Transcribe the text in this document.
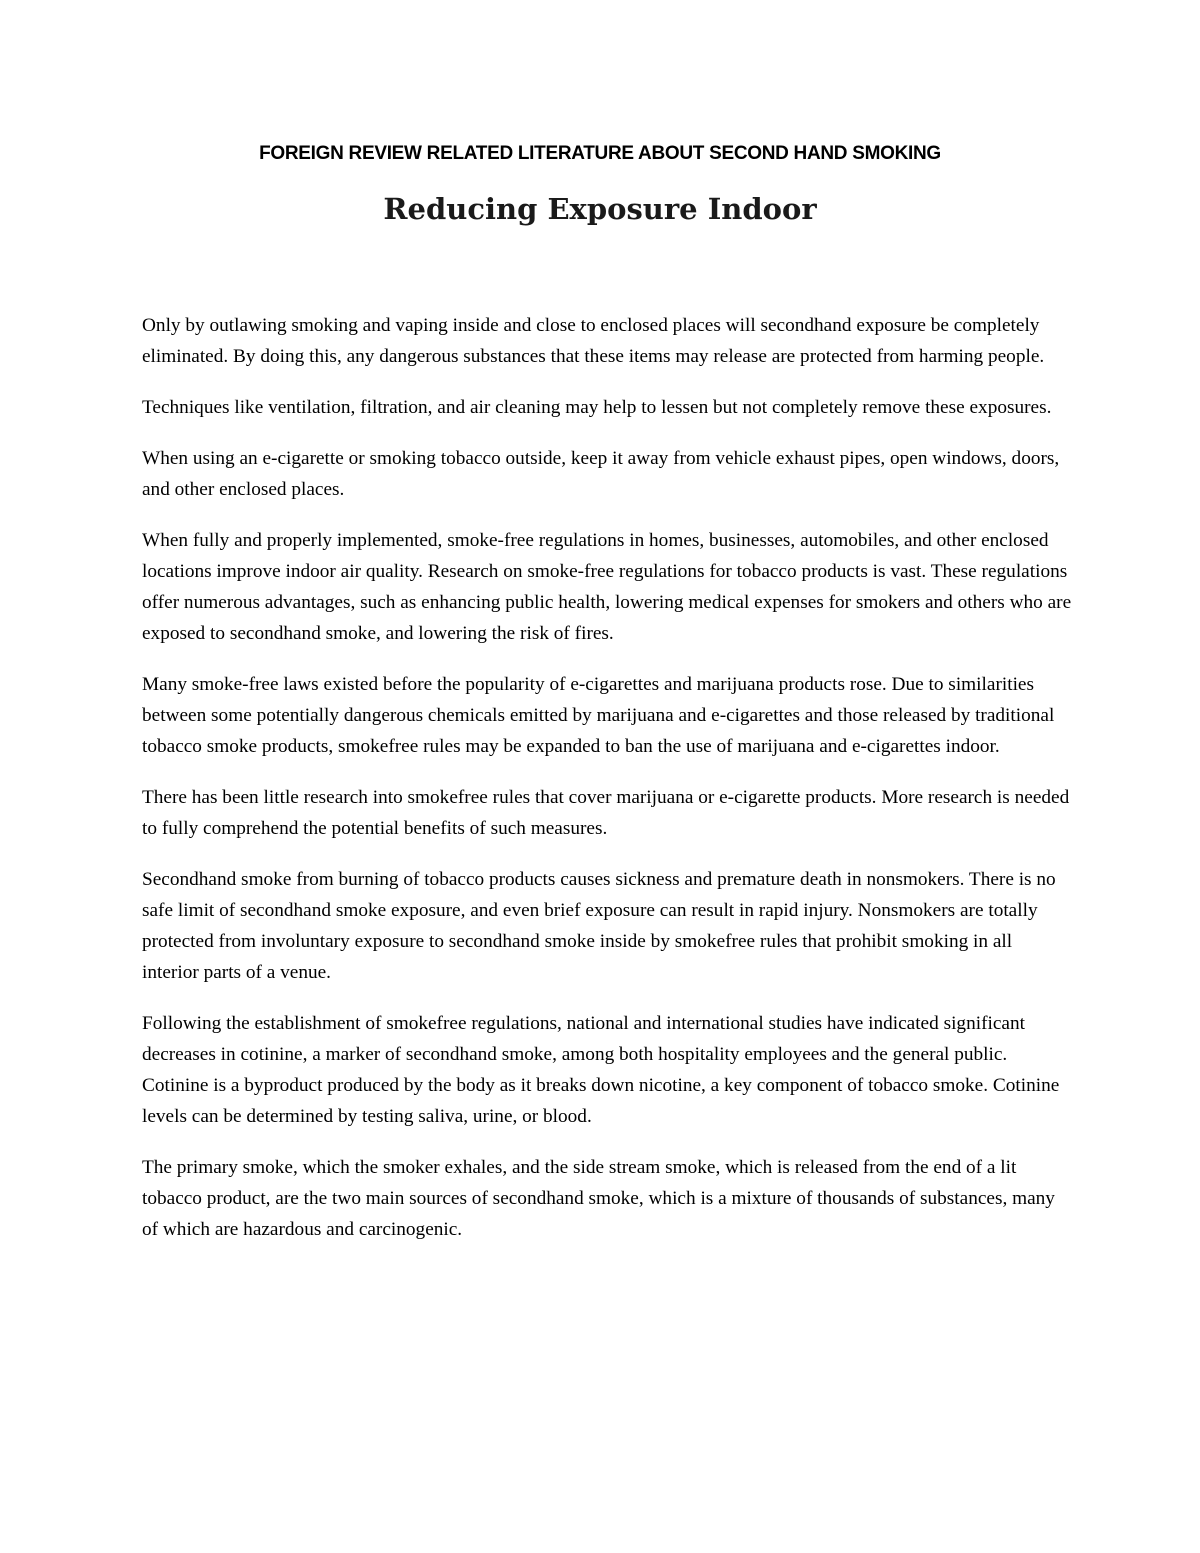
FOREIGN REVIEW RELATED LITERATURE ABOUT SECOND HAND SMOKING

Reducing Exposure Indoor

Only by outlawing smoking and vaping inside and close to enclosed places will secondhand exposure be completely eliminated. By doing this, any dangerous substances that these items may release are protected from harming people.

Techniques like ventilation, filtration, and air cleaning may help to lessen but not completely remove these exposures.

When using an e-cigarette or smoking tobacco outside, keep it away from vehicle exhaust pipes, open windows, doors, and other enclosed places.

When fully and properly implemented, smoke-free regulations in homes, businesses, automobiles, and other enclosed locations improve indoor air quality. Research on smoke-free regulations for tobacco products is vast. These regulations offer numerous advantages, such as enhancing public health, lowering medical expenses for smokers and others who are exposed to secondhand smoke, and lowering the risk of fires.

Many smoke-free laws existed before the popularity of e-cigarettes and marijuana products rose. Due to similarities between some potentially dangerous chemicals emitted by marijuana and e-cigarettes and those released by traditional tobacco smoke products, smokefree rules may be expanded to ban the use of marijuana and e-cigarettes indoor.

There has been little research into smokefree rules that cover marijuana or e-cigarette products. More research is needed to fully comprehend the potential benefits of such measures.

Secondhand smoke from burning of tobacco products causes sickness and premature death in nonsmokers. There is no safe limit of secondhand smoke exposure, and even brief exposure can result in rapid injury. Nonsmokers are totally protected from involuntary exposure to secondhand smoke inside by smokefree rules that prohibit smoking in all interior parts of a venue.

Following the establishment of smokefree regulations, national and international studies have indicated significant decreases in cotinine, a marker of secondhand smoke, among both hospitality employees and the general public. Cotinine is a byproduct produced by the body as it breaks down nicotine, a key component of tobacco smoke. Cotinine levels can be determined by testing saliva, urine, or blood.

The primary smoke, which the smoker exhales, and the side stream smoke, which is released from the end of a lit tobacco product, are the two main sources of secondhand smoke, which is a mixture of thousands of substances, many of which are hazardous and carcinogenic.
